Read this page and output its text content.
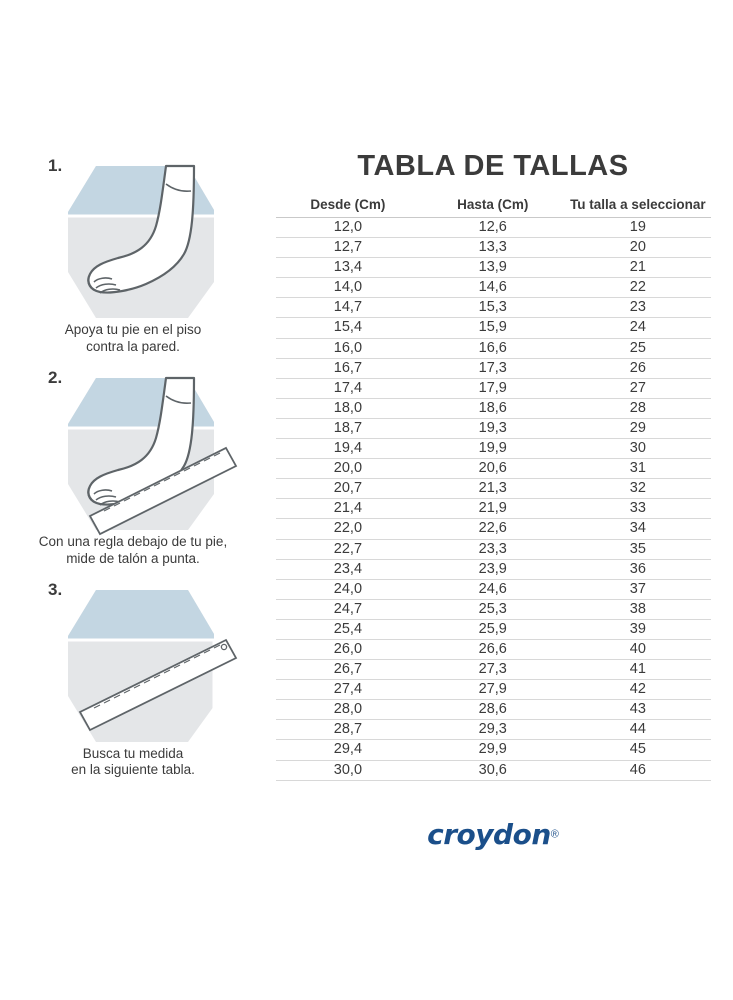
1.
Apoya tu pie en el piso
contra la pared.
2.
Con una regla debajo de tu pie,
mide de talón a punta.
3.
Busca tu medida
en la siguiente tabla.
TABLA DE TALLAS
Desde (Cm)	Hasta (Cm)	Tu talla a seleccionar
12,0	12,6	19
12,7	13,3	20
13,4	13,9	21
14,0	14,6	22
14,7	15,3	23
15,4	15,9	24
16,0	16,6	25
16,7	17,3	26
17,4	17,9	27
18,0	18,6	28
18,7	19,3	29
19,4	19,9	30
20,0	20,6	31
20,7	21,3	32
21,4	21,9	33
22,0	22,6	34
22,7	23,3	35
23,4	23,9	36
24,0	24,6	37
24,7	25,3	38
25,4	25,9	39
26,0	26,6	40
26,7	27,3	41
27,4	27,9	42
28,0	28,6	43
28,7	29,3	44
29,4	29,9	45
30,0	30,6	46
croydon®
